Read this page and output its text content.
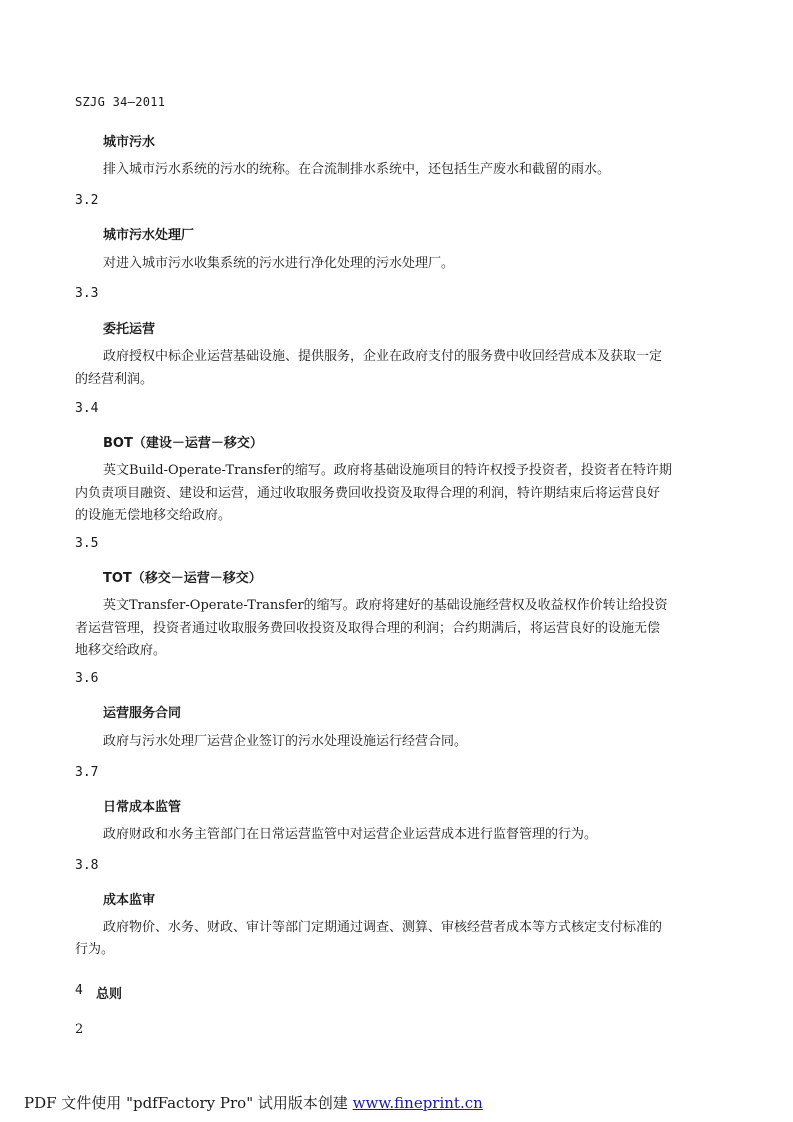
SZJG 34—2011
城市污水
排入城市污水系统的污水的统称。在合流制排水系统中，还包括生产废水和截留的雨水。
3.2
城市污水处理厂
对进入城市污水收集系统的污水进行净化处理的污水处理厂。
3.3
委托运营
政府授权中标企业运营基础设施、提供服务，企业在政府支付的服务费中收回经营成本及获取一定
的经营利润。
3.4
BOT（建设－运营－移交）
英文Build-Operate-Transfer的缩写。政府将基础设施项目的特许权授予投资者，投资者在特许期
内负责项目融资、建设和运营，通过收取服务费回收投资及取得合理的利润，特许期结束后将运营良好
的设施无偿地移交给政府。
3.5
TOT（移交－运营－移交）
英文Transfer-Operate-Transfer的缩写。政府将建好的基础设施经营权及收益权作价转让给投资
者运营管理，投资者通过收取服务费回收投资及取得合理的利润；合约期满后，将运营良好的设施无偿
地移交给政府。
3.6
运营服务合同
政府与污水处理厂运营企业签订的污水处理设施运行经营合同。
3.7
日常成本监管
政府财政和水务主管部门在日常运营监管中对运营企业运营成本进行监督管理的行为。
3.8
成本监审
政府物价、水务、财政、审计等部门定期通过调查、测算、审核经营者成本等方式核定支付标准的
行为。
4 总则
2
PDF 文件使用 "pdfFactory Pro" 试用版本创建 www.fineprint.cn
